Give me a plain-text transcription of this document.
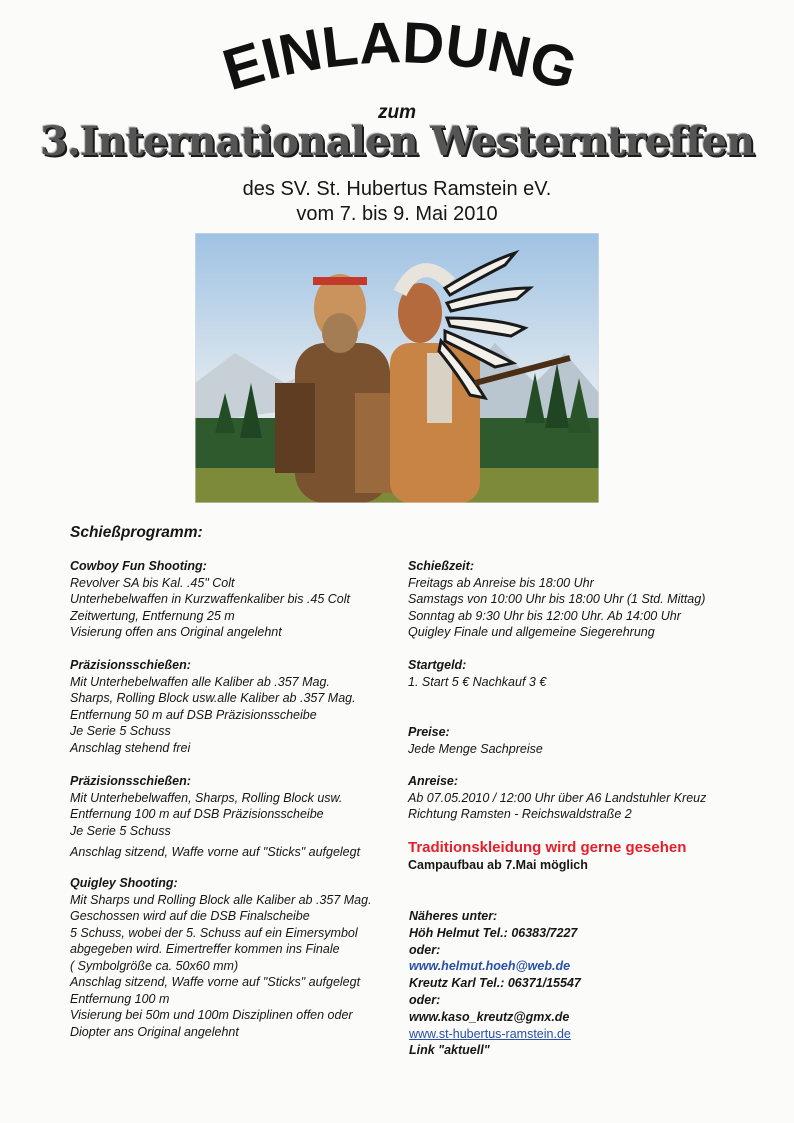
EINLADUNG
zum
3.Internationalen Westerntreffen
des SV. St. Hubertus Ramstein eV.
vom 7. bis 9. Mai 2010
Schießprogramm:
Cowboy Fun Shooting:
Revolver SA bis Kal. .45" Colt
Unterhebelwaffen in Kurzwaffenkaliber bis .45 Colt
Zeitwertung, Entfernung 25 m
Visierung offen ans Original angelehnt
Präzisionsschießen:
Mit Unterhebelwaffen alle Kaliber ab .357 Mag.
Sharps, Rolling Block usw.alle Kaliber ab .357 Mag.
Entfernung 50 m auf DSB Präzisionsscheibe
Je Serie 5 Schuss
Anschlag stehend frei
Präzisionsschießen:
Mit Unterhebelwaffen, Sharps, Rolling Block usw.
Entfernung 100 m auf DSB Präzisionsscheibe
Je Serie 5 Schuss
Anschlag sitzend, Waffe vorne auf "Sticks" aufgelegt
Quigley Shooting:
Mit Sharps und Rolling Block alle Kaliber ab .357 Mag.
Geschossen wird auf die DSB Finalscheibe
5 Schuss, wobei der 5. Schuss auf ein Eimersymbol
abgegeben wird. Eimertreffer kommen ins Finale
( Symbolgröße ca. 50x60 mm)
Anschlag sitzend, Waffe vorne auf "Sticks" aufgelegt
Entfernung 100 m
Visierung bei 50m und 100m Disziplinen offen oder
Diopter ans Original angelehnt
Schießzeit:
Freitags ab Anreise bis 18:00 Uhr
Samstags von 10:00 Uhr bis 18:00 Uhr (1 Std. Mittag)
Sonntag ab 9:30 Uhr bis 12:00 Uhr. Ab 14:00 Uhr
Quigley Finale und allgemeine Siegerehrung
Startgeld:
1. Start 5 € Nachkauf 3 €
Preise:
Jede Menge Sachpreise
Anreise:
Ab 07.05.2010 / 12:00 Uhr über A6 Landstuhler Kreuz
Richtung Ramsten - Reichswaldstraße 2
Traditionskleidung wird gerne gesehen
Campaufbau ab 7.Mai möglich
Näheres unter:
Höh Helmut Tel.: 06383/7227
oder:
www.helmut.hoeh@web.de
Kreutz Karl Tel.: 06371/15547
oder:
www.kaso_kreutz@gmx.de
www.st-hubertus-ramstein.de
Link "aktuell"
